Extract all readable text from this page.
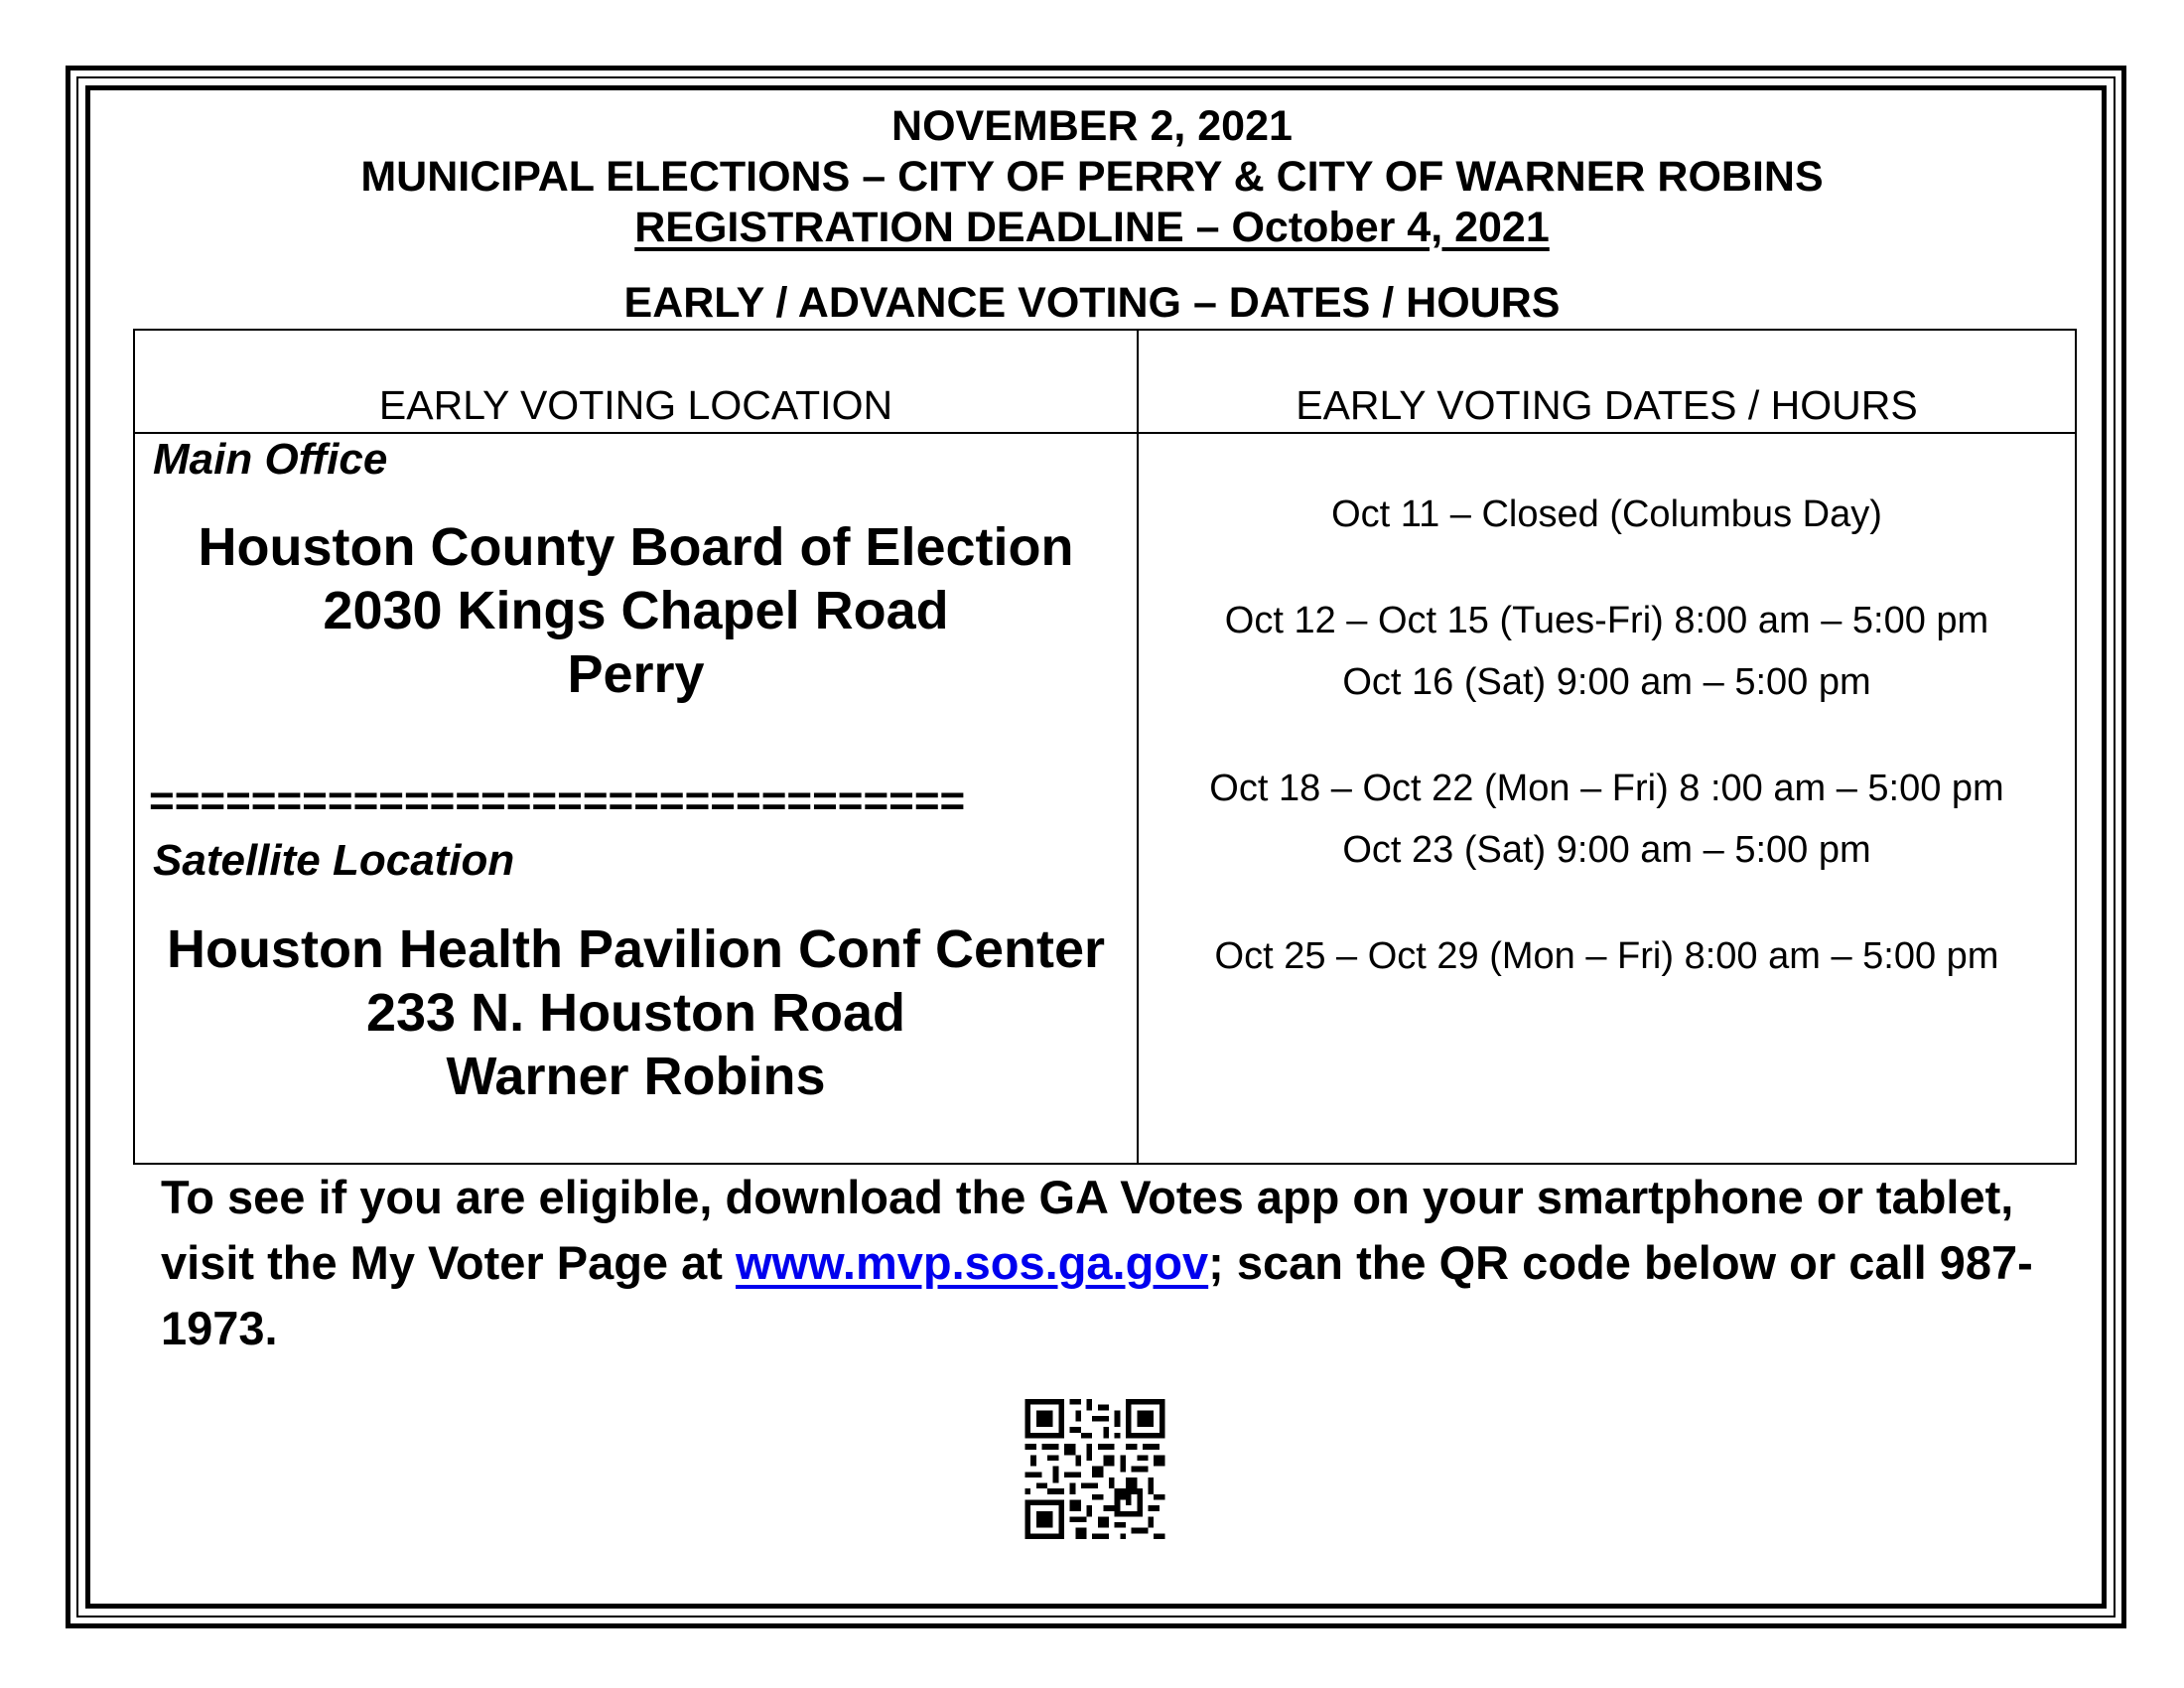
NOVEMBER 2, 2021
MUNICIPAL ELECTIONS – CITY OF PERRY & CITY OF WARNER ROBINS
REGISTRATION DEADLINE – October 4, 2021
EARLY / ADVANCE VOTING – DATES / HOURS
EARLY VOTING LOCATION	EARLY VOTING DATES / HOURS
Main Office
Houston County Board of Election
2030 Kings Chapel Road
Perry
================================
Satellite Location
Houston Health Pavilion Conf Center
233 N. Houston Road
Warner Robins
Oct 11 – Closed (Columbus Day)
Oct 12 – Oct 15 (Tues-Fri) 8:00 am – 5:00 pm
Oct 16 (Sat) 9:00 am – 5:00 pm
Oct 18 – Oct 22 (Mon – Fri) 8 :00 am – 5:00 pm
Oct 23 (Sat) 9:00 am – 5:00 pm
Oct 25 – Oct 29 (Mon – Fri) 8:00 am – 5:00 pm
To see if you are eligible, download the GA Votes app on your smartphone or tablet, visit the My Voter Page at www.mvp.sos.ga.gov; scan the QR code below or call 987-1973.
